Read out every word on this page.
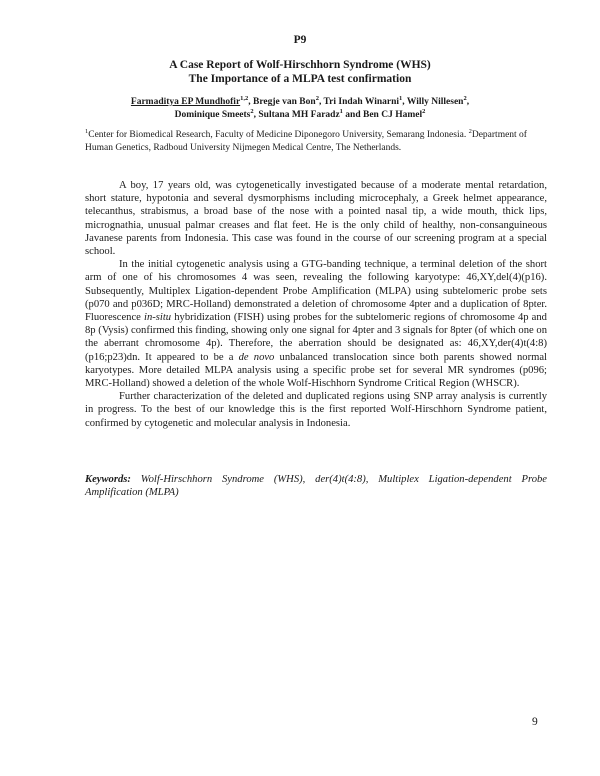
P9
A Case Report of Wolf-Hirschhorn Syndrome (WHS)
The Importance of a MLPA test confirmation
Farmaditya EP Mundhofir$^{1,2}$, Bregje van Bon$^2$, Tri Indah Winarni$^1$, Willy Nillesen$^2$,
Dominique Smeets$^2$, Sultana MH Faradz$^1$ and Ben CJ Hamel$^2$
$^1$Center for Biomedical Research, Faculty of Medicine Diponegoro University, Semarang Indonesia. $^2$Department of Human Genetics, Radboud University Nijmegen Medical Centre, The Netherlands.

A boy, 17 years old, was cytogenetically investigated because of a moderate mental retardation, short stature, hypotonia and several dysmorphisms including microcephaly, a Greek helmet appearance, telecanthus, strabismus, a broad base of the nose with a pointed nasal tip, a wide mouth, thick lips, micrognathia, unusual palmar creases and flat feet. He is the only child of healthy, non-consanguineous Javanese parents from Indonesia. This case was found in the course of our screening program at a special school.

In the initial cytogenetic analysis using a GTG-banding technique, a terminal deletion of the short arm of one of his chromosomes 4 was seen, revealing the following karyotype: 46,XY,del(4)(p16). Subsequently, Multiplex Ligation-dependent Probe Amplification (MLPA) using subtelomeric probe sets (p070 and p036D; MRC-Holland) demonstrated a deletion of chromosome 4pter and a duplication of 8pter. Fluorescence in-situ hybridization (FISH) using probes for the subtelomeric regions of chromosome 4p and 8p (Vysis) confirmed this finding, showing only one signal for 4pter and 3 signals for 8pter (of which one on the aberrant chromosome 4p). Therefore, the aberration should be designated as: 46,XY,der(4)t(4:8)(p16;p23)dn. It appeared to be a de novo unbalanced translocation since both parents showed normal karyotypes. More detailed MLPA analysis using a specific probe set for several MR syndromes (p096; MRC-Holland) showed a deletion of the whole Wolf-Hischhorn Syndrome Critical Region (WHSCR).

Further characterization of the deleted and duplicated regions using SNP array analysis is currently in progress. To the best of our knowledge this is the first reported Wolf-Hirschhorn Syndrome patient, confirmed by cytogenetic and molecular analysis in Indonesia.

Keywords: Wolf-Hirschhorn Syndrome (WHS), der(4)t(4:8), Multiplex Ligation-dependent Probe Amplification (MLPA)
9
